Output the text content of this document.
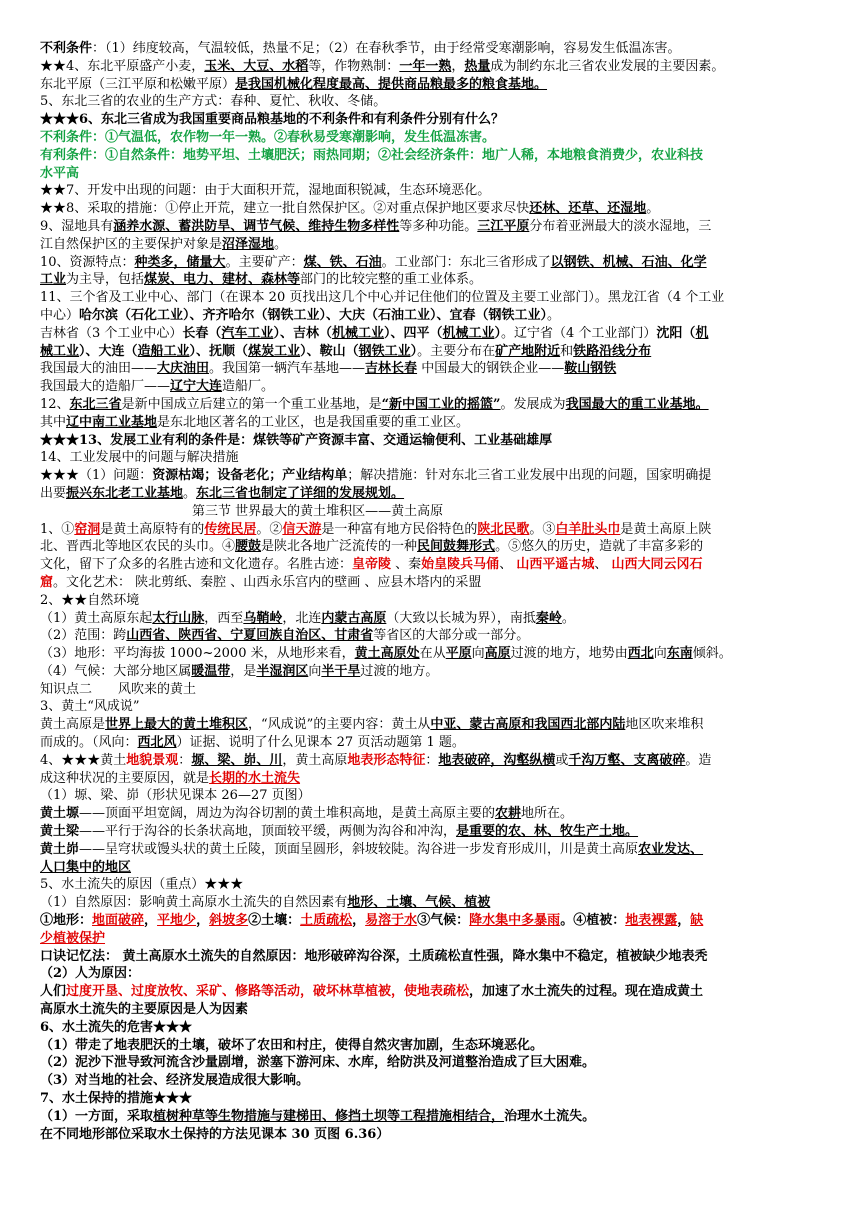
不利条件：（1）纬度较高，气温较低，热量不足；（2）在春秋季节，由于经常受寒潮影响，容易发生低温冻害。
★★4、东北平原盛产小麦，玉米、大豆、水稻等，作物熟制：一年一熟，热量成为制约东北三省农业发展的主要因素。
东北平原（三江平原和松嫩平原）是我国机械化程度最高、提供商品粮最多的粮食基地。
5、东北三省的农业的生产方式：春种、夏忙、秋收、冬储。
★★★6、东北三省成为我国重要商品粮基地的不利条件和有利条件分别有什么？
不利条件：①气温低，农作物一年一熟。②春秋易受寒潮影响，发生低温冻害。
有利条件：①自然条件：地势平坦、土壤肥沃；雨热同期；②社会经济条件：地广人稀，本地粮食消费少，农业科技
水平高
★★7、开发中出现的问题：由于大面积开荒，湿地面积锐减，生态环境恶化。
★★8、采取的措施：①停止开荒，建立一批自然保护区。②对重点保护地区要求尽快还林、还草、还湿地。
9、湿地具有涵养水源、蓄洪防旱、调节气候、维持生物多样性等多种功能。三江平原分布着亚洲最大的淡水湿地，三
江自然保护区的主要保护对象是沼泽湿地。
10、资源特点：种类多，储量大。主要矿产：煤、铁、石油。工业部门：东北三省形成了以钢铁、机械、石油、化学
工业为主导，包括煤炭、电力、建材、森林等部门的比较完整的重工业体系。
11、三个省及工业中心、部门（在课本 20 页找出这几个中心并记住他们的位置及主要工业部门）。黑龙江省（4 个工业
中心）哈尔滨（石化工业）、齐齐哈尔（钢铁工业）、大庆（石油工业）、宜春（钢铁工业）。
吉林省（3 个工业中心）长春（汽车工业）、吉林（机械工业）、四平（机械工业）。辽宁省（4 个工业部门）沈阳（机
械工业）、大连（造船工业）、抚顺（煤炭工业）、鞍山（钢铁工业）。主要分布在矿产地附近和铁路沿线分布
我国最大的油田——大庆油田。我国第一辆汽车基地——吉林长春 中国最大的钢铁企业——鞍山钢铁
我国最大的造船厂——辽宁大连造船厂。
12、东北三省是新中国成立后建立的第一个重工业基地，是“新中国工业的摇篮”。发展成为我国最大的重工业基地。
其中辽中南工业基地是东北地区著名的工业区，也是我国重要的重工业区。
★★★13、发展工业有利的条件是：煤铁等矿产资源丰富、交通运输便利、工业基础雄厚
14、工业发展中的问题与解决措施
★★★（1）问题：资源枯竭；设备老化；产业结构单；解决措施：针对东北三省工业发展中出现的问题，国家明确提
出要振兴东北老工业基地。东北三省也制定了详细的发展规划。
第三节 世界最大的黄土堆积区——黄土高原
1、①窑洞是黄土高原特有的传统民居。②信天游是一种富有地方民俗特色的陕北民歌。③白羊肚头巾是黄土高原上陕
北、晋西北等地区农民的头巾。④腰鼓是陕北各地广泛流传的一种民间鼓舞形式。⑤悠久的历史，造就了丰富多彩的
文化，留下了众多的名胜古迹和文化遗存。名胜古迹：皇帝陵 、秦始皇陵兵马俑、 山西平遥古城、 山西大同云冈石
窟。文化艺术： 陕北剪纸、秦腔 、山西永乐宫内的壁画 、应县木塔内的采盟
2、★★自然环境
（1）黄土高原东起太行山脉，西至乌鞘岭，北连内蒙古高原（大致以长城为界），南抵秦岭。
（2）范围：跨山西省、陕西省、宁夏回族自治区、甘肃省等省区的大部分或一部分。
（3）地形：平均海拔 1000~2000 米，从地形来看，黄土高原处在从平原向高原过渡的地方，地势由西北向东南倾斜。
（4）气候：大部分地区属暖温带，是半湿润区向半干旱过渡的地方。
知识点二 风吹来的黄土
3、黄土“风成说”
黄土高原是世界上最大的黄土堆积区，“风成说”的主要内容：黄土从中亚、蒙古高原和我国西北部内陆地区吹来堆积
而成的。（风向：西北风）证据、说明了什么见课本 27 页活动题第 1 题。
4、★★★黄土地貌景观：塬、梁、峁、川，黄土高原地表形态特征：地表破碎，沟壑纵横或千沟万壑、支离破碎。造
成这种状况的主要原因，就是长期的水土流失
（1）塬、梁、峁（形状见课本 26—27 页图）
黄土塬——顶面平坦宽阔，周边为沟谷切割的黄土堆积高地，是黄土高原主要的农耕地所在。
黄土梁——平行于沟谷的长条状高地，顶面较平缓，两侧为沟谷和冲沟，是重要的农、林、牧生产土地。
黄土峁——呈穹状或馒头状的黄土丘陵，顶面呈圆形，斜坡较陡。沟谷进一步发育形成川，川是黄土高原农业发达、
人口集中的地区
5、水土流失的原因（重点）★★★
（1）自然原因：影响黄土高原水土流失的自然因素有地形、土壤、气候、植被
①地形：地面破碎，平地少，斜坡多②土壤：土质疏松，易溶于水③气候：降水集中多暴雨。④植被：地表裸露，缺
少植被保护
口诀记忆法： 黄土高原水土流失的自然原因：地形破碎沟谷深，土质疏松直性强，降水集中不稳定，植被缺少地表秃
（2）人为原因：
人们过度开垦、过度放牧、采矿、修路等活动，破坏林草植被，使地表疏松，加速了水土流失的过程。现在造成黄土
高原水土流失的主要原因是人为因素
6、水土流失的危害★★★
（1）带走了地表肥沃的土壤，破坏了农田和村庄，使得自然灾害加剧，生态环境恶化。
（2）泥沙下泄导致河流含沙量剧增，淤塞下游河床、水库，给防洪及河道整治造成了巨大困难。
（3）对当地的社会、经济发展造成很大影响。
7、水土保持的措施★★★
（1）一方面，采取植树种草等生物措施与建梯田、修挡土坝等工程措施相结合，治理水土流失。
在不同地形部位采取水土保持的方法见课本 30 页图 6.36）
